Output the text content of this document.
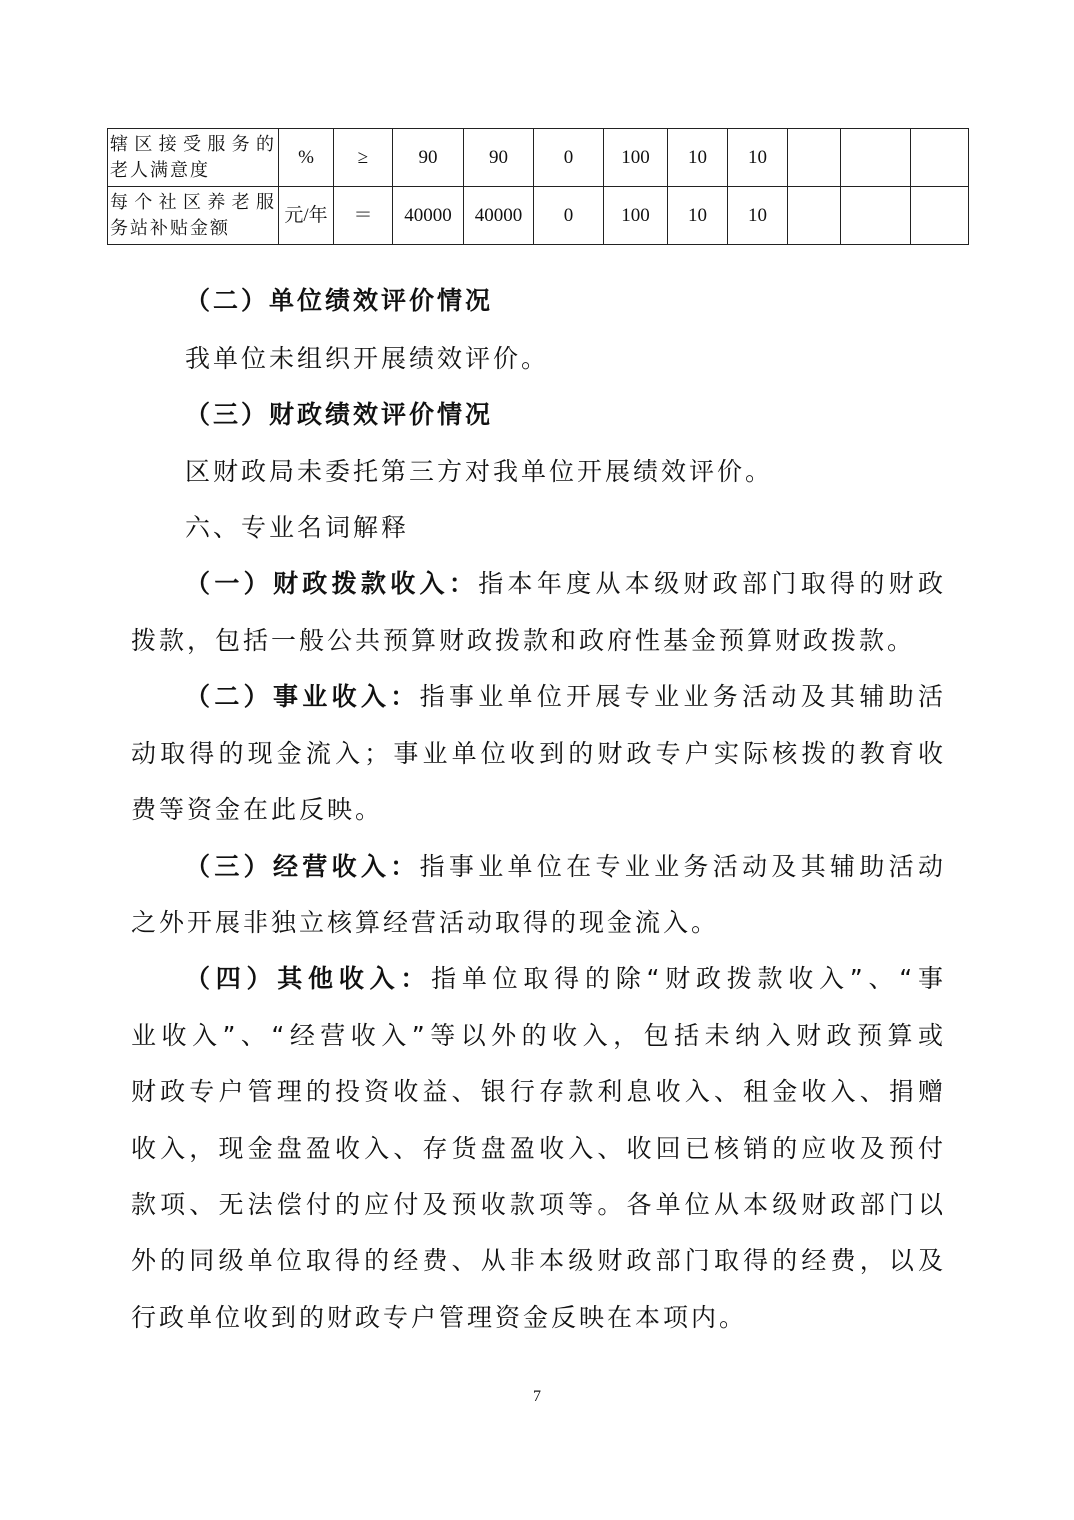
辖区接受服务的
老人满意度	%	≥	90	90	0	100	10	10			

每个社区养老服
务站补贴金额	元/年	＝	40000	40000	0	100	10	10			
（二）单位绩效评价情况
我单位未组织开展绩效评价。
（三）财政绩效评价情况
区财政局未委托第三方对我单位开展绩效评价。
六、专业名词解释
（一）财政拨款收入：指本年度从本级财政部门取得的财政
拨款，包括一般公共预算财政拨款和政府性基金预算财政拨款。
（二）事业收入：指事业单位开展专业业务活动及其辅助活
动取得的现金流入；事业单位收到的财政专户实际核拨的教育收
费等资金在此反映。
（三）经营收入：指事业单位在专业业务活动及其辅助活动
之外开展非独立核算经营活动取得的现金流入。
（四）其他收入：指单位取得的除“财政拨款收入”、“事
业收入”、“经营收入”等以外的收入，包括未纳入财政预算或
财政专户管理的投资收益、银行存款利息收入、租金收入、捐赠
收入，现金盘盈收入、存货盘盈收入、收回已核销的应收及预付
款项、无法偿付的应付及预收款项等。各单位从本级财政部门以
外的同级单位取得的经费、从非本级财政部门取得的经费，以及
行政单位收到的财政专户管理资金反映在本项内。
7
